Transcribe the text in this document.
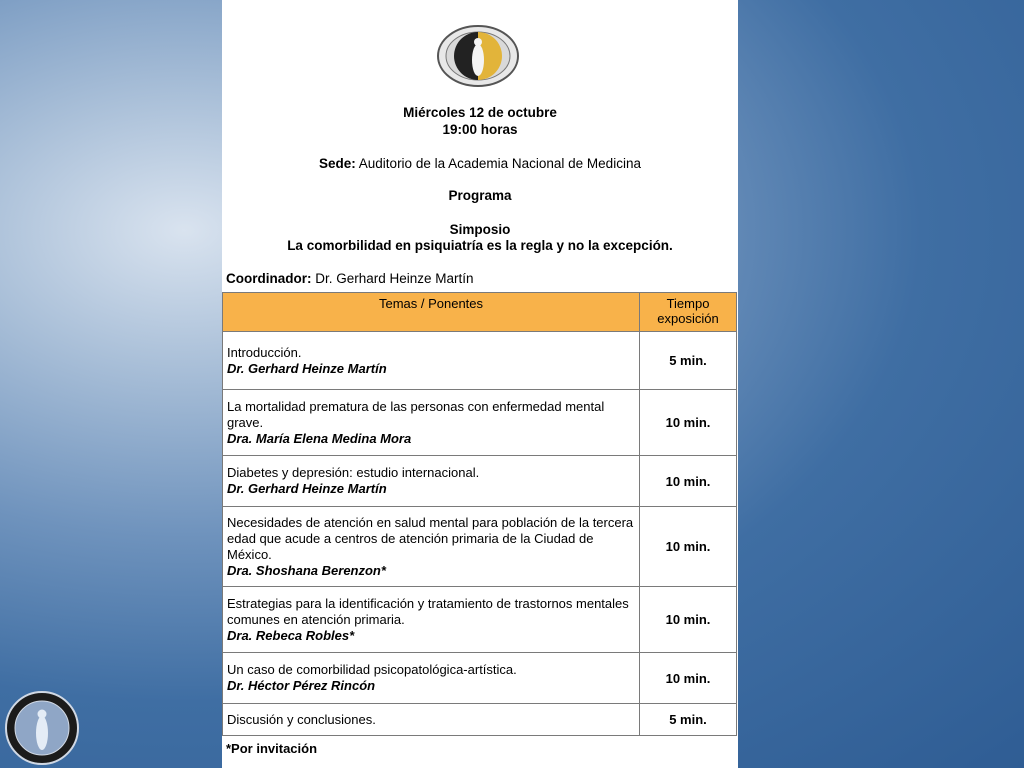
Miércoles 12 de octubre
19:00 horas
Sede: Auditorio de la Academia Nacional de Medicina
Programa
Simposio
La comorbilidad en psiquiatría es la regla y no la excepción.
Coordinador: Dr. Gerhard Heinze Martín
Temas / Ponentes	Tiempo
exposición
Introducción.
Dr. Gerhard Heinze Martín	5 min.
La mortalidad prematura de las personas con enfermedad mental grave.
Dra. María Elena Medina Mora	10 min.
Diabetes y depresión: estudio internacional.
Dr. Gerhard Heinze Martín	10 min.
Necesidades de atención en salud mental para población de la tercera edad que acude a centros de atención primaria de la Ciudad de México.
Dra. Shoshana Berenzon*	10 min.
Estrategias para la identificación y tratamiento de trastornos mentales comunes en atención primaria.
Dra. Rebeca Robles*	10 min.
Un caso de comorbilidad psicopatológica-artística.
Dr. Héctor Pérez Rincón	10 min.
Discusión y conclusiones.	5 min.
*Por invitación
